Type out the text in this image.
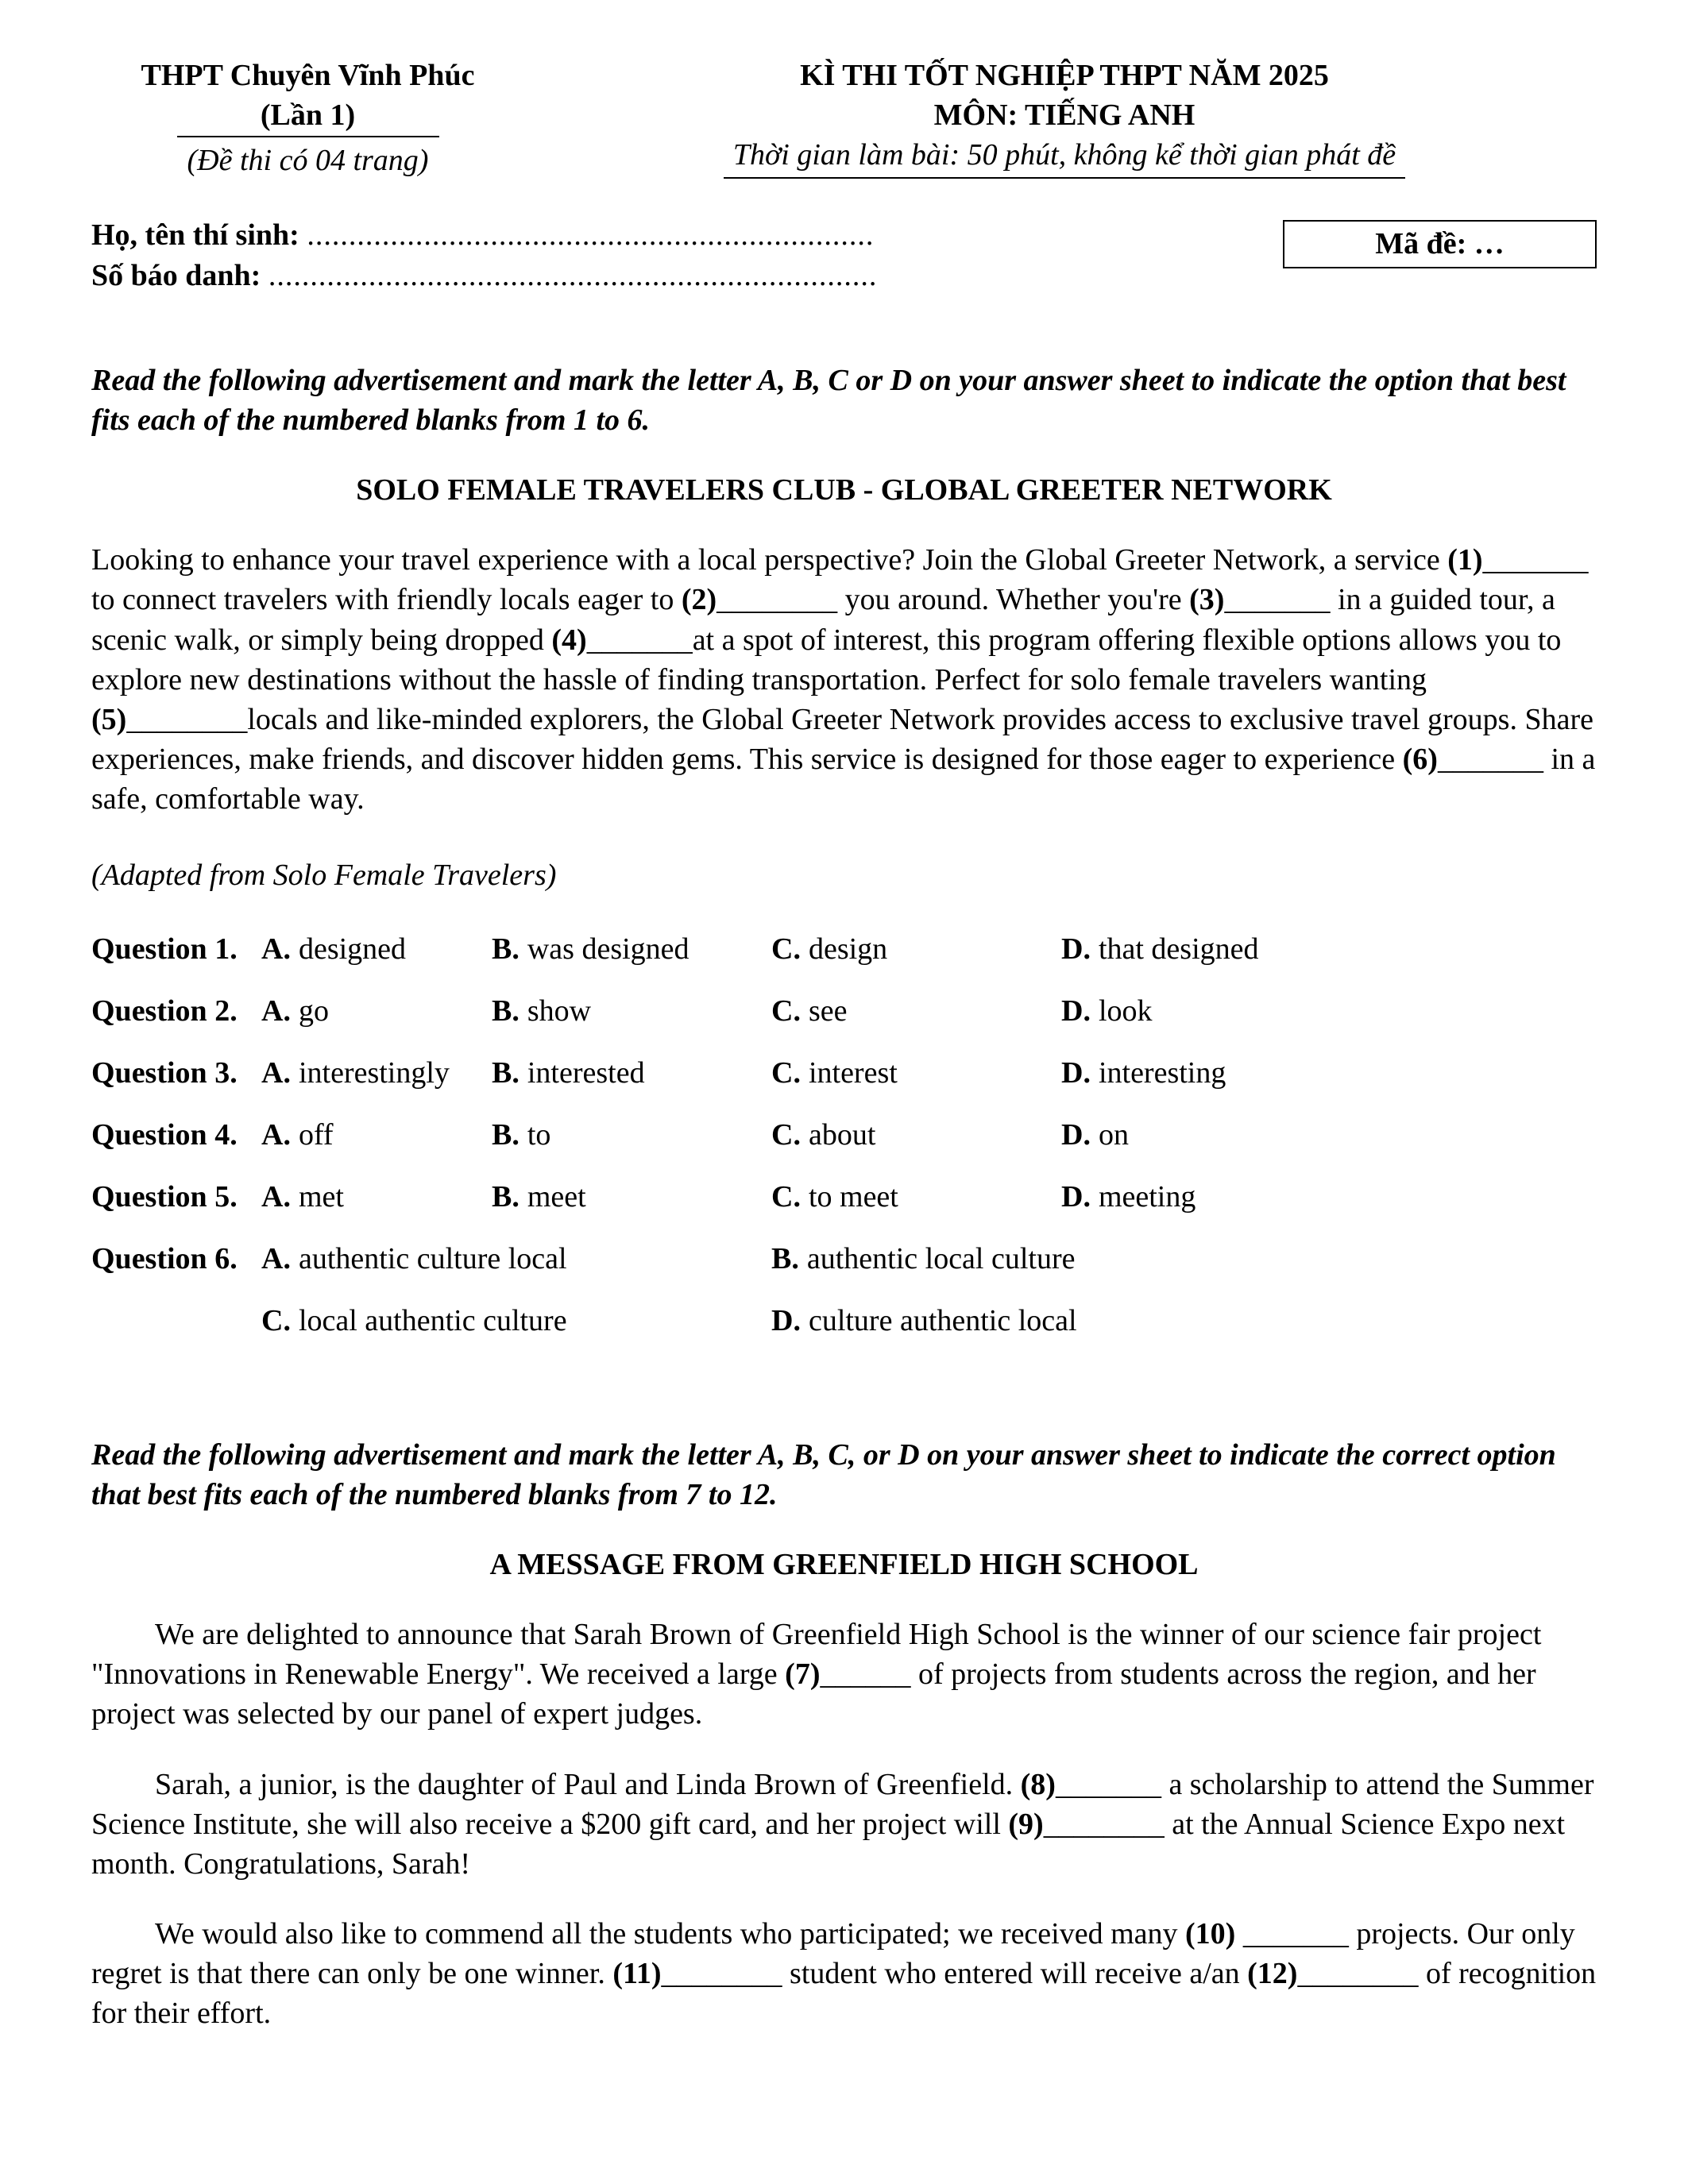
THPT Chuyên Vĩnh Phúc
(Lần 1)
(Đề thi có 04 trang)
KÌ THI TỐT NGHIỆP THPT NĂM 2025
MÔN: TIẾNG ANH
Thời gian làm bài: 50 phút, không kể thời gian phát đề
Họ, tên thí sinh: ....................................................................
Số báo danh: .........................................................................
Mã đề: …

Read the following advertisement and mark the letter A, B, C or D on your answer sheet to indicate the option that best fits each of the numbered blanks from 1 to 6.

SOLO FEMALE TRAVELERS CLUB - GLOBAL GREETER NETWORK

Looking to enhance your travel experience with a local perspective? Join the Global Greeter Network, a service (1)_______ to connect travelers with friendly locals eager to (2)________ you around. Whether you're (3)_______ in a guided tour, a scenic walk, or simply being dropped (4)_______at a spot of interest, this program offering flexible options allows you to explore new destinations without the hassle of finding transportation. Perfect for solo female travelers wanting (5)________locals and like-minded explorers, the Global Greeter Network provides access to exclusive travel groups. Share experiences, make friends, and discover hidden gems. This service is designed for those eager to experience (6)_______ in a safe, comfortable way.

(Adapted from Solo Female Travelers)

Question 1. A. designed	B. was designed	C. design	D. that designed
Question 2. A. go	B. show	C. see	D. look
Question 3. A. interestingly	B. interested	C. interest	D. interesting
Question 4. A. off	B. to	C. about	D. on
Question 5. A. met	B. meet	C. to meet	D. meeting
Question 6. A. authentic culture local	B. authentic local culture
C. local authentic culture	D. culture authentic local

Read the following advertisement and mark the letter A, B, C, or D on your answer sheet to indicate the correct option that best fits each of the numbered blanks from 7 to 12.

A MESSAGE FROM GREENFIELD HIGH SCHOOL

We are delighted to announce that Sarah Brown of Greenfield High School is the winner of our science fair project "Innovations in Renewable Energy". We received a large (7)______ of projects from students across the region, and her project was selected by our panel of expert judges.

Sarah, a junior, is the daughter of Paul and Linda Brown of Greenfield. (8)_______ a scholarship to attend the Summer Science Institute, she will also receive a $200 gift card, and her project will (9)________ at the Annual Science Expo next month. Congratulations, Sarah!

We would also like to commend all the students who participated; we received many (10) _______ projects. Our only regret is that there can only be one winner. (11)________ student who entered will receive a/an (12)________ of recognition for their effort.
